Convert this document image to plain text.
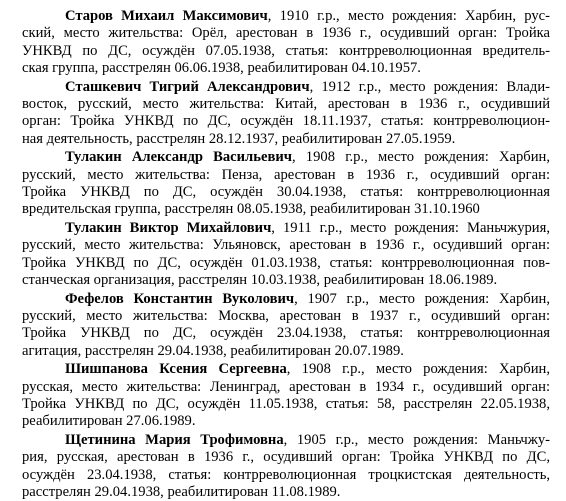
Старов Михаил Максимович, 1910 г.р., место рождения: Харбин, рус-
ский, место жительства: Орёл, арестован в 1936 г., осудивший орган: Тройка
УНКВД по ДС, осуждён 07.05.1938, статья: контрреволюционная вредитель-
ская группа, расстрелян 06.06.1938, реабилитирован 04.10.1957.
Сташкевич Тигрий Александрович, 1912 г.р., место рождения: Влади-
восток, русский, место жительства: Китай, арестован в 1936 г., осудивший
орган: Тройка УНКВД по ДС, осуждён 18.11.1937, статья: контрреволюцион-
ная деятельность, расстрелян 28.12.1937, реабилитирован 27.05.1959.
Тулакин Александр Васильевич, 1908 г.р., место рождения: Харбин,
русский, место жительства: Пенза, арестован в 1936 г., осудивший орган:
Тройка УНКВД по ДС, осуждён 30.04.1938, статья: контрреволюционная
вредительская группа, расстрелян 08.05.1938, реабилитирован 31.10.1960
Тулакин Виктор Михайлович, 1911 г.р., место рождения: Маньчжурия,
русский, место жительства: Ульяновск, арестован в 1936 г., осудивший орган:
Тройка УНКВД по ДС, осуждён 01.03.1938, статья: контрреволюционная пов-
станческая организация, расстрелян 10.03.1938, реабилитирован 18.06.1989.
Фефелов Константин Вуколович, 1907 г.р., место рождения: Харбин,
русский, место жительства: Москва, арестован в 1937 г., осудивший орган:
Тройка УНКВД по ДС, осуждён 23.04.1938, статья: контрреволюционная
агитация, расстрелян 29.04.1938, реабилитирован 20.07.1989.
Шишпанова Ксения Сергеевна, 1908 г.р., место рождения: Харбин,
русская, место жительства: Ленинград, арестован в 1934 г., осудивший орган:
Тройка УНКВД по ДС, осуждён 11.05.1938, статья: 58, расстрелян 22.05.1938,
реабилитирован 27.06.1989.
Щетинина Мария Трофимовна, 1905 г.р., место рождения: Маньчжу-
рия, русская, арестован в 1936 г., осудивший орган: Тройка УНКВД по ДС,
осуждён 23.04.1938, статья: контрреволюционная троцкистская деятельность,
расстрелян 29.04.1938, реабилитирован 11.08.1989.
